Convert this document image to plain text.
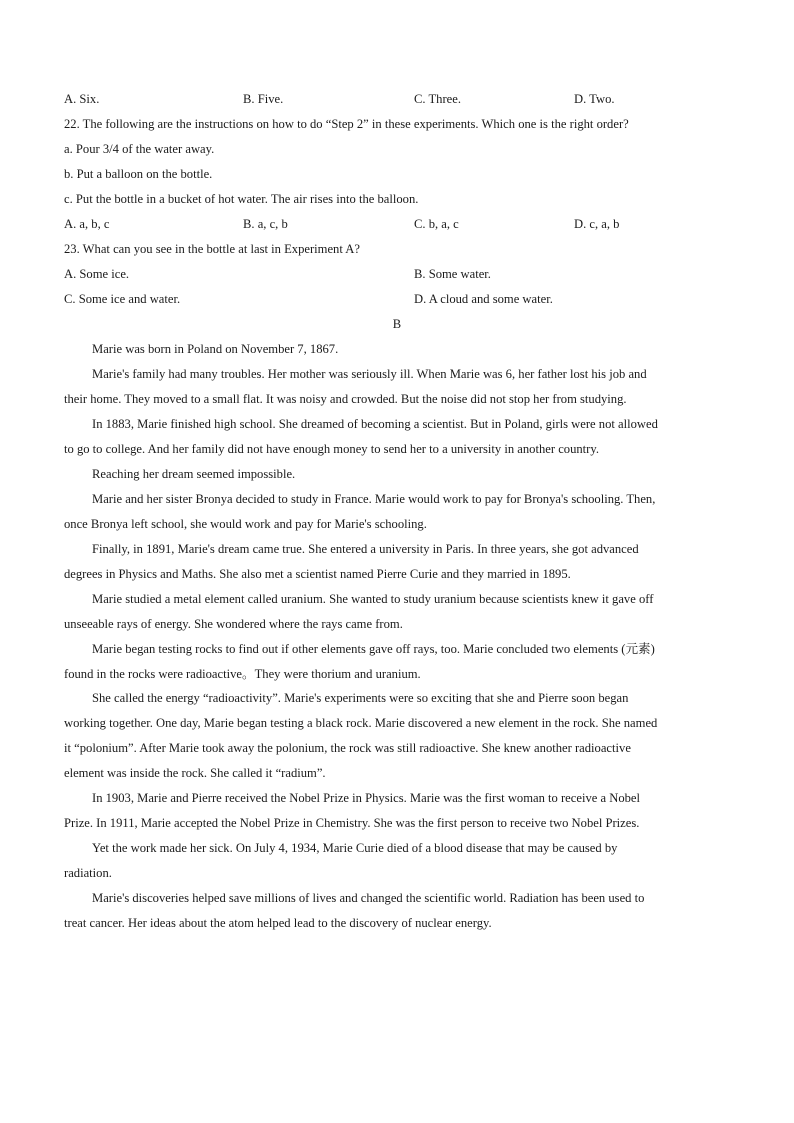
A. Six.	B. Five.	C. Three.	D. Two.
22. The following are the instructions on how to do “Step 2” in these experiments. Which one is the right order?
a. Pour 3/4 of the water away.
b. Put a balloon on the bottle.
c. Put the bottle in a bucket of hot water. The air rises into the balloon.
A. a, b, c	B. a, c, b	C. b, a, c	D. c, a, b
23. What can you see in the bottle at last in Experiment A?
A. Some ice.	B. Some water.
C. Some ice and water.	D. A cloud and some water.
B
Marie was born in Poland on November 7, 1867.
Marie's family had many troubles. Her mother was seriously ill. When Marie was 6, her father lost his job and
their home. They moved to a small flat. It was noisy and crowded. But the noise did not stop her from studying.
In 1883, Marie finished high school. She dreamed of becoming a scientist. But in Poland, girls were not allowed
to go to college. And her family did not have enough money to send her to a university in another country.
Reaching her dream seemed impossible.
Marie and her sister Bronya decided to study in France. Marie would work to pay for Bronya's schooling. Then,
once Bronya left school, she would work and pay for Marie's schooling.
Finally, in 1891, Marie's dream came true. She entered a university in Paris. In three years, she got advanced
degrees in Physics and Maths. She also met a scientist named Pierre Curie and they married in 1895.
Marie studied a metal element called uranium. She wanted to study uranium because scientists knew it gave off
unseeable rays of energy. She wondered where the rays came from.
Marie began testing rocks to find out if other elements gave off rays, too. Marie concluded two elements (元素)
found in the rocks were radioactive。They were thorium and uranium.
She called the energy “radioactivity”. Marie's experiments were so exciting that she and Pierre soon began
working together. One day, Marie began testing a black rock. Marie discovered a new element in the rock. She named
it “polonium”. After Marie took away the polonium, the rock was still radioactive. She knew another radioactive
element was inside the rock. She called it “radium”.
In 1903, Marie and Pierre received the Nobel Prize in Physics. Marie was the first woman to receive a Nobel
Prize. In 1911, Marie accepted the Nobel Prize in Chemistry. She was the first person to receive two Nobel Prizes.
Yet the work made her sick. On July 4, 1934, Marie Curie died of a blood disease that may be caused by
radiation.
Marie's discoveries helped save millions of lives and changed the scientific world. Radiation has been used to
treat cancer. Her ideas about the atom helped lead to the discovery of nuclear energy.
